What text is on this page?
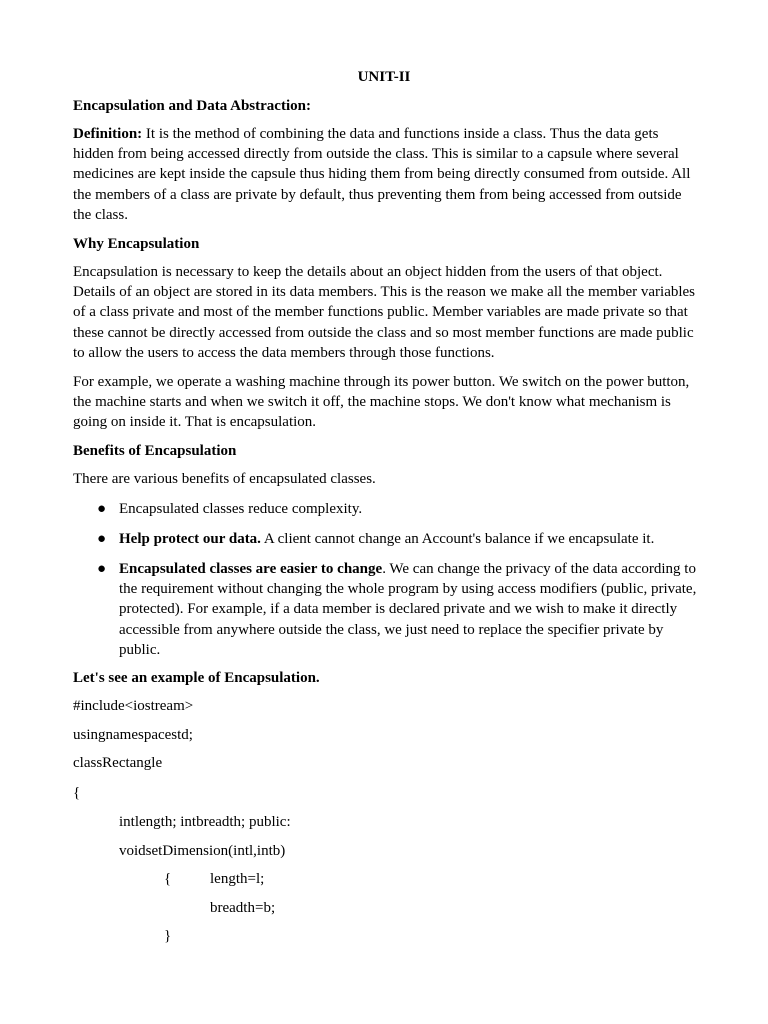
UNIT-II
Encapsulation and Data Abstraction:
Definition: It is the method of combining the data and functions inside a class. Thus the data gets hidden from being accessed directly from outside the class. This is similar to a capsule where several medicines are kept inside the capsule thus hiding them from being directly consumed from outside. All the members of a class are private by default, thus preventing them from being accessed from outside the class.
Why Encapsulation
Encapsulation is necessary to keep the details about an object hidden from the users of that object. Details of an object are stored in its data members. This is the reason we make all the member variables of a class private and most of the member functions public. Member variables are made private so that these cannot be directly accessed from outside the class and so most member functions are made public to allow the users to access the data members through those functions.
For example, we operate a washing machine through its power button. We switch on the power button, the machine starts and when we switch it off, the machine stops. We don't know what mechanism is going on inside it. That is encapsulation.
Benefits of Encapsulation
There are various benefits of encapsulated classes.
● Encapsulated classes reduce complexity.
● Help protect our data. A client cannot change an Account's balance if we encapsulate it.
● Encapsulated classes are easier to change. We can change the privacy of the data according to the requirement without changing the whole program by using access modifiers (public, private, protected). For example, if a data member is declared private and we wish to make it directly accessible from anywhere outside the class, we just need to replace the specifier private by public.
Let's see an example of Encapsulation.
#include<iostream>
usingnamespacestd;
classRectangle
{
intlength; intbreadth; public:
voidsetDimension(intl,intb)
{	length=l;
breadth=b;
}
